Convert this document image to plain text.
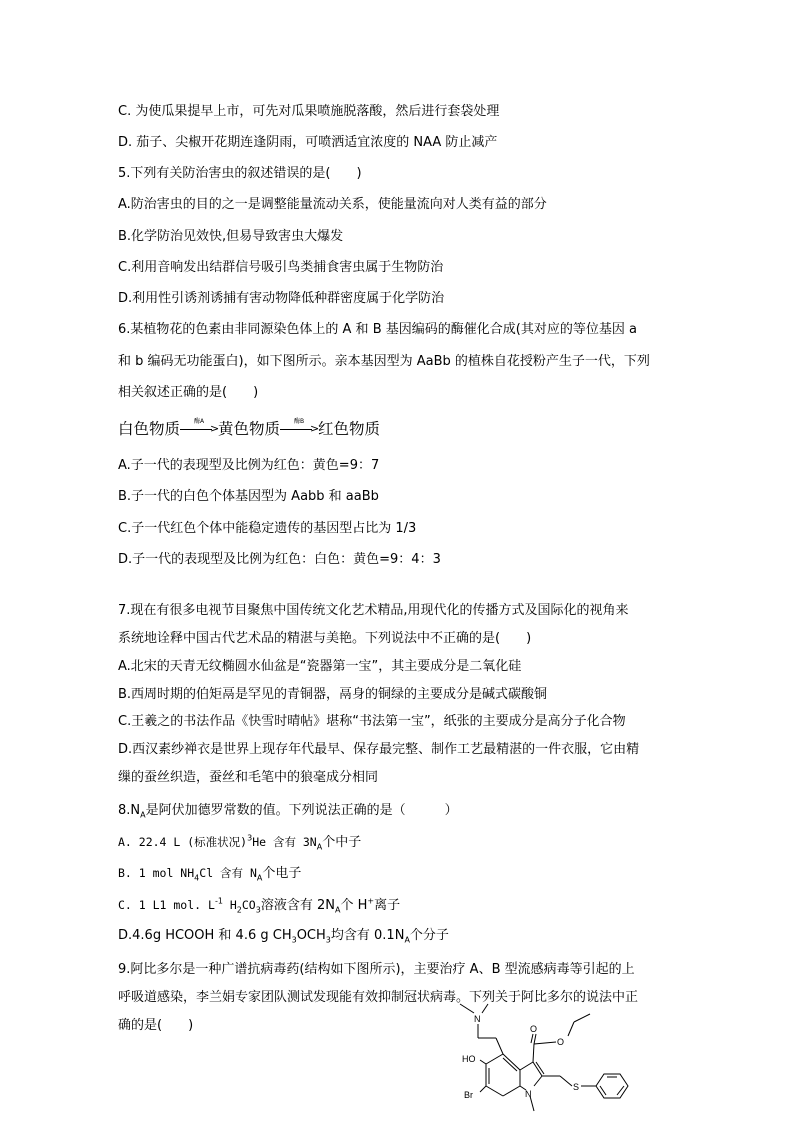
C. 为使瓜果提早上市，可先对瓜果喷施脱落酸，然后进行套袋处理
D. 茄子、尖椒开花期连逢阴雨，可喷洒适宜浓度的 NAA 防止减产
5.下列有关防治害虫的叙述错误的是(　　)
A.防治害虫的目的之一是调整能量流动关系，使能量流向对人类有益的部分
B.化学防治见效快,但易导致害虫大爆发
C.利用音响发出结群信号吸引鸟类捕食害虫属于生物防治
D.利用性引诱剂诱捕有害动物降低种群密度属于化学防治
6.某植物花的色素由非同源染色体上的 A 和 B 基因编码的酶催化合成(其对应的等位基因 a
和 b 编码无功能蛋白)，如下图所示。亲本基因型为 AaBb 的植株自花授粉产生子一代，下列
相关叙述正确的是(　　)
白色物质	酶A
>
黄色物质	酶B
>
红色物质
A.子一代的表现型及比例为红色：黄色=9：7
B.子一代的白色个体基因型为 Aabb 和 aaBb
C.子一代红色个体中能稳定遗传的基因型占比为 1/3
D.子一代的表现型及比例为红色：白色：黄色=9：4：3
7.现在有很多电视节目聚焦中国传统文化艺术精品,用现代化的传播方式及国际化的视角来
系统地诠释中国古代艺术品的精湛与美艳。下列说法中不正确的是(　　)
A.北宋的天青无纹椭圆水仙盆是“瓷器第一宝”，其主要成分是二氧化硅
B.西周时期的伯矩鬲是罕见的青铜器，鬲身的铜绿的主要成分是碱式碳酸铜
C.王羲之的书法作品《快雪时晴帖》堪称“书法第一宝”，纸张的主要成分是高分子化合物
D.西汉素纱禅衣是世界上现存年代最早、保存最完整、制作工艺最精湛的一件衣服，它由精
缫的蚕丝织造，蚕丝和毛笔中的狼毫成分相同
$8.N_A$是阿伏加德罗常数的值。下列说法正确的是（　　　）
A. 22.4 L (标准状况)$^3$He 含有 $3N_A$个中子
B. 1 mol $NH_4Cl$ 含有 $N_A$个电子
C. 1 L1 mol. $L^{-1}$ $H_2CO_3$溶液含有 $2N_A$个 H+离子
D.4.6g HCOOH 和 4.6 g $CH_3OCH_3$均含有 $0.1N_A$个分子
9.阿比多尔是一种广谱抗病毒药(结构如下图所示)，主要治疗 A、B 型流感病毒等引起的上
呼吸道感染，李兰娟专家团队测试发现能有效抑制冠状病毒。下列关于阿比多尔的说法中正
确的是(　　)	N
HO
Br	N
O
O
S
